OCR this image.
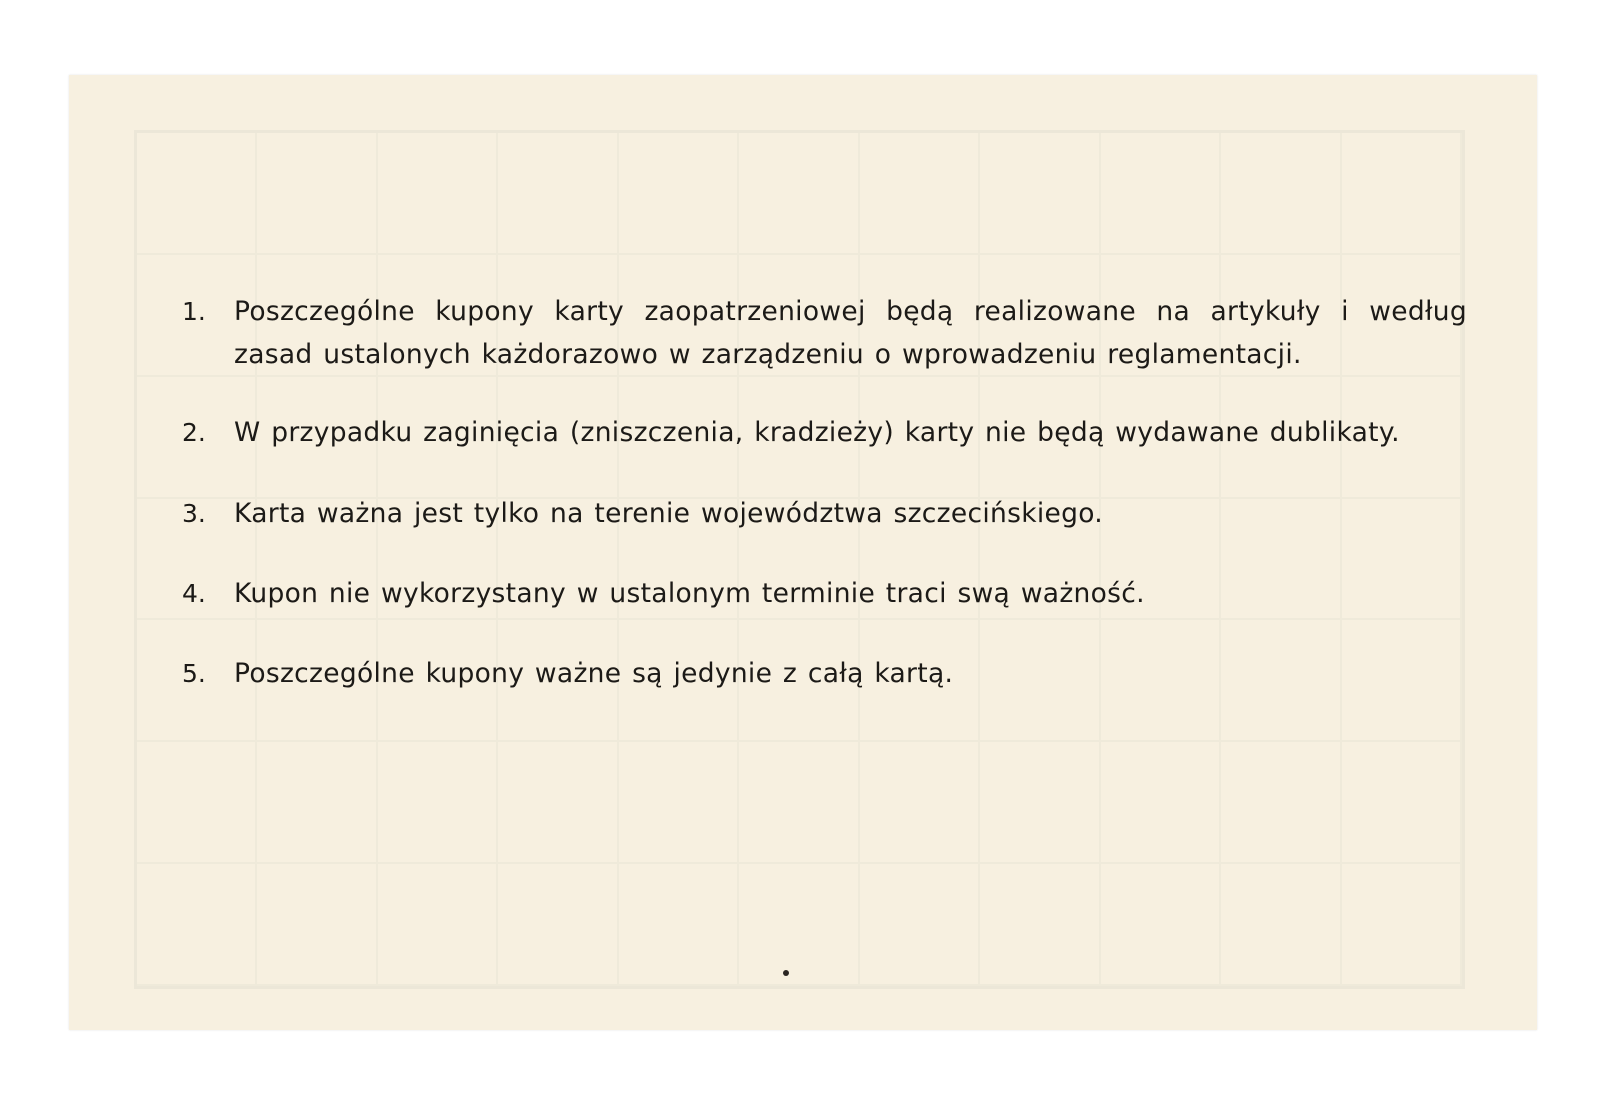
1.	Poszczególne kupony karty zaopatrzeniowej będą realizowane na artykuły i według zasad ustalonych każdorazowo w zarządzeniu o wprowadzeniu reglamentacji.
2.	W przypadku zaginięcia (zniszczenia, kradzieży) karty nie będą wydawane dublikaty.
3.	Karta ważna jest tylko na terenie województwa szczecińskiego.
4.	Kupon nie wykorzystany w ustalonym terminie traci swą ważność.
5.	Poszczególne kupony ważne są jedynie z całą kartą.
